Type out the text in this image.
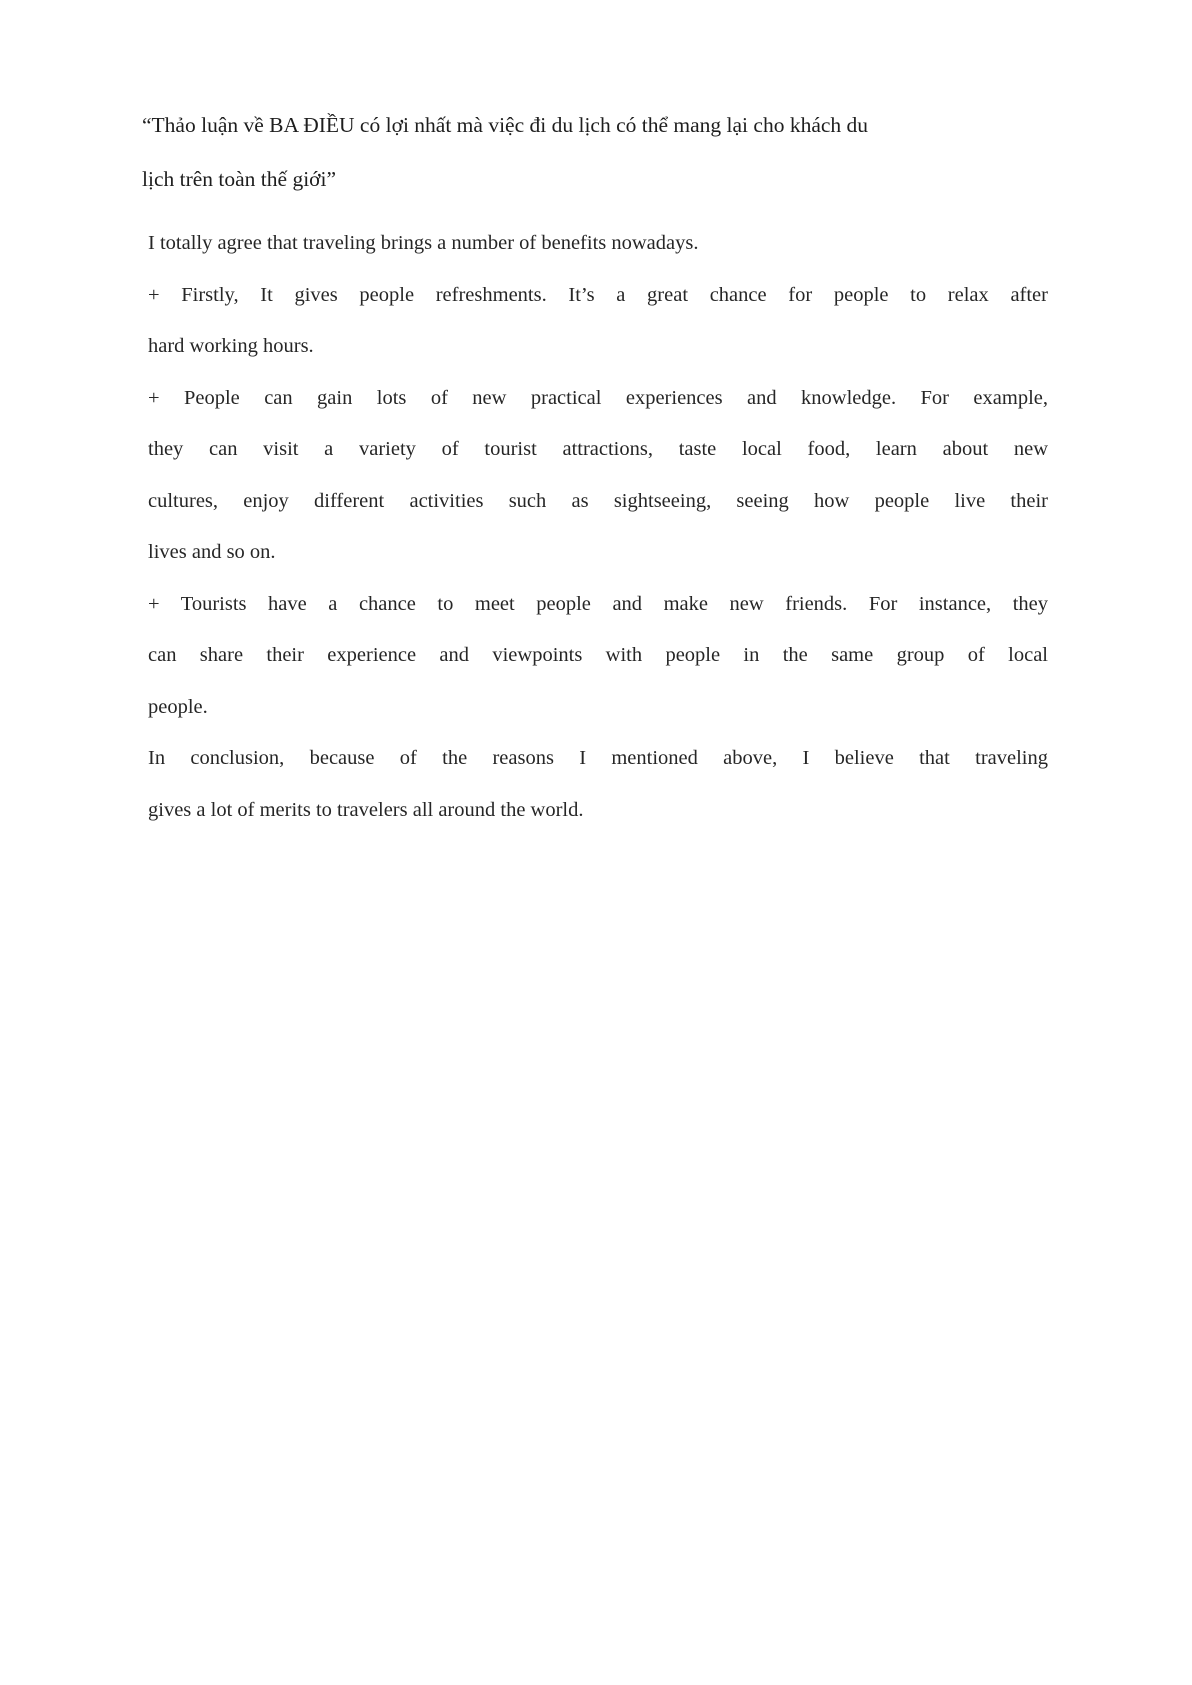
“Thảo luận về BA ĐIỀU có lợi nhất mà việc đi du lịch có thể mang lại cho khách du
lịch trên toàn thế giới”
I totally agree that traveling brings a number of benefits nowadays.
+ Firstly, It gives people refreshments. It’s a great chance for people to relax after
hard working hours.
+ People can gain lots of new practical experiences and knowledge. For example,
they can visit a variety of tourist attractions, taste local food, learn about new
cultures, enjoy different activities such as sightseeing, seeing how people live their
lives and so on.
+ Tourists have a chance to meet people and make new friends. For instance, they
can share their experience and viewpoints with people in the same group of local
people.
In conclusion, because of the reasons I mentioned above, I believe that traveling
gives a lot of merits to travelers all around the world.
